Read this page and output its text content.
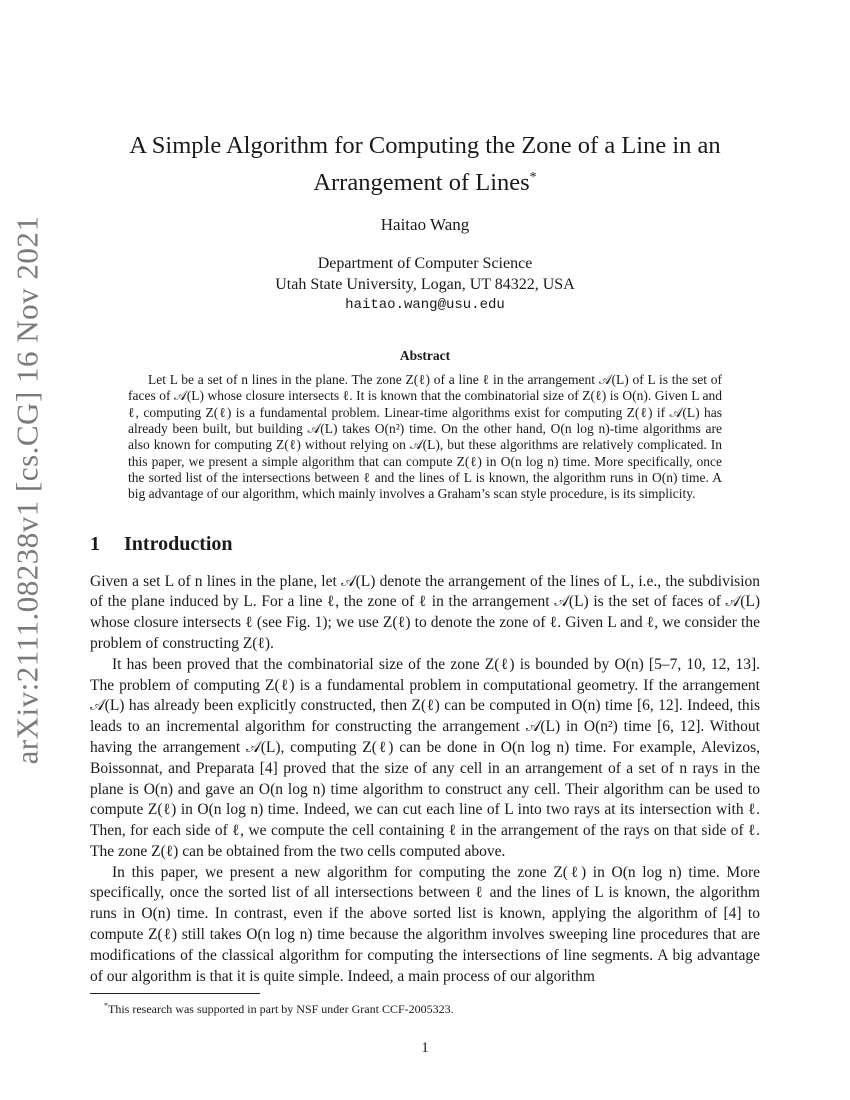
arXiv:2111.08238v1 [cs.CG] 16 Nov 2021
A Simple Algorithm for Computing the Zone of a Line in an
Arrangement of Lines*
Haitao Wang
Department of Computer Science
Utah State University, Logan, UT 84322, USA
haitao.wang@usu.edu
Abstract

Let L be a set of n lines in the plane. The zone Z(ℓ) of a line ℓ in the arrangement 𝒜(L) of L is the set of faces of 𝒜(L) whose closure intersects ℓ. It is known that the combinatorial size of Z(ℓ) is O(n). Given L and ℓ, computing Z(ℓ) is a fundamental problem. Linear-time algorithms exist for computing Z(ℓ) if 𝒜(L) has already been built, but building 𝒜(L) takes O(n²) time. On the other hand, O(n log n)-time algorithms are also known for computing Z(ℓ) without relying on 𝒜(L), but these algorithms are relatively complicated. In this paper, we present a simple algorithm that can compute Z(ℓ) in O(n log n) time. More specifically, once the sorted list of the intersections between ℓ and the lines of L is known, the algorithm runs in O(n) time. A big advantage of our algorithm, which mainly involves a Graham’s scan style procedure, is its simplicity.

1 Introduction

Given a set L of n lines in the plane, let 𝒜(L) denote the arrangement of the lines of L, i.e., the subdivision of the plane induced by L. For a line ℓ, the zone of ℓ in the arrangement 𝒜(L) is the set of faces of 𝒜(L) whose closure intersects ℓ (see Fig. 1); we use Z(ℓ) to denote the zone of ℓ. Given L and ℓ, we consider the problem of constructing Z(ℓ).

It has been proved that the combinatorial size of the zone Z(ℓ) is bounded by O(n) [5–7, 10, 12, 13]. The problem of computing Z(ℓ) is a fundamental problem in computational geometry. If the arrangement 𝒜(L) has already been explicitly constructed, then Z(ℓ) can be computed in O(n) time [6, 12]. Indeed, this leads to an incremental algorithm for constructing the arrangement 𝒜(L) in O(n²) time [6, 12]. Without having the arrangement 𝒜(L), computing Z(ℓ) can be done in O(n log n) time. For example, Alevizos, Boissonnat, and Preparata [4] proved that the size of any cell in an arrangement of a set of n rays in the plane is O(n) and gave an O(n log n) time algorithm to construct any cell. Their algorithm can be used to compute Z(ℓ) in O(n log n) time. Indeed, we can cut each line of L into two rays at its intersection with ℓ. Then, for each side of ℓ, we compute the cell containing ℓ in the arrangement of the rays on that side of ℓ. The zone Z(ℓ) can be obtained from the two cells computed above.

In this paper, we present a new algorithm for computing the zone Z(ℓ) in O(n log n) time. More specifically, once the sorted list of all intersections between ℓ and the lines of L is known, the algorithm runs in O(n) time. In contrast, even if the above sorted list is known, applying the algorithm of [4] to compute Z(ℓ) still takes O(n log n) time because the algorithm involves sweeping line procedures that are modifications of the classical algorithm for computing the intersections of line segments. A big advantage of our algorithm is that it is quite simple. Indeed, a main process of our algorithm

*This research was supported in part by NSF under Grant CCF-2005323.
1
